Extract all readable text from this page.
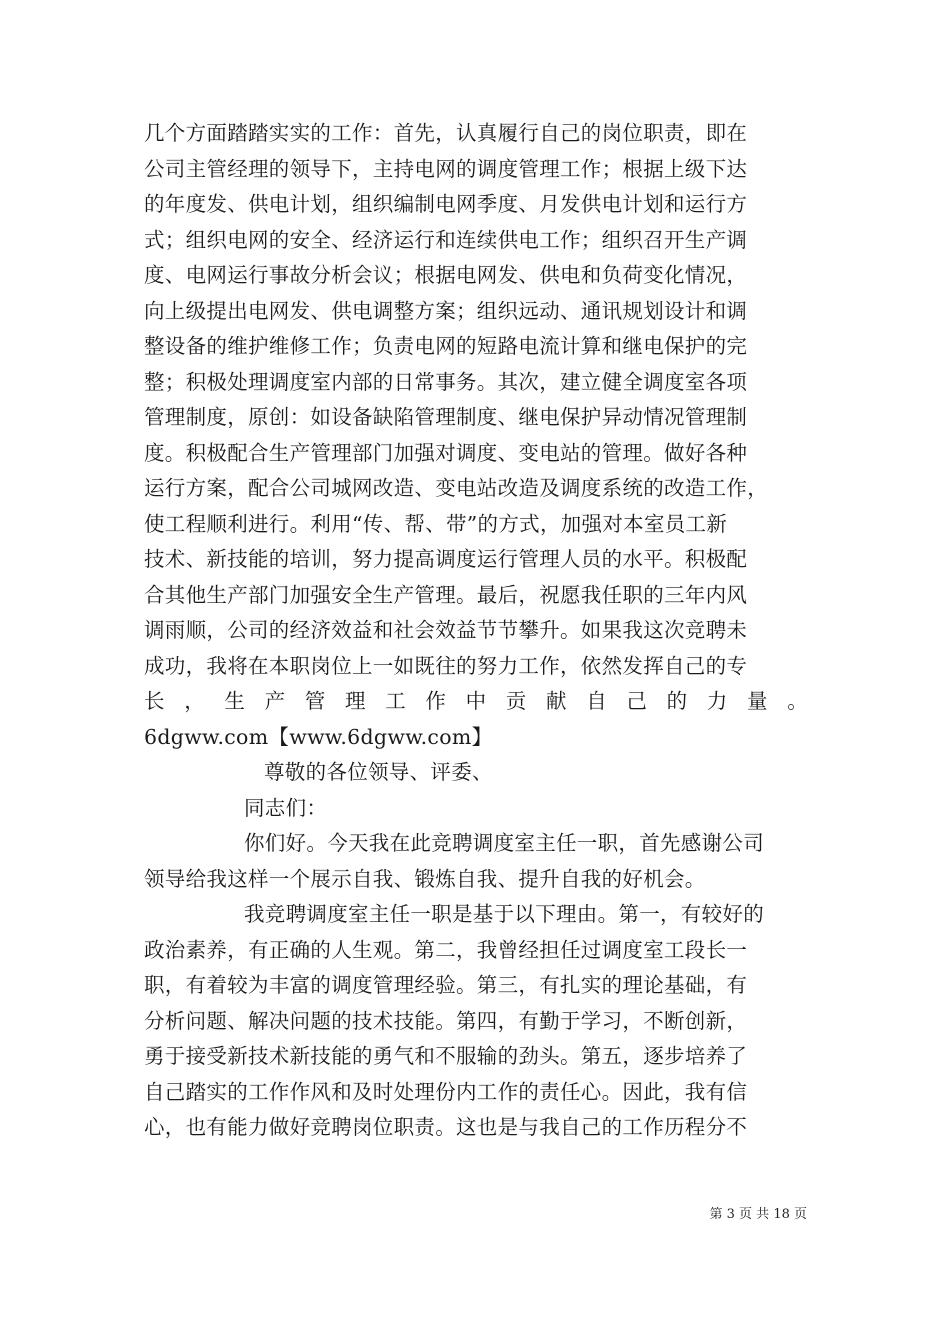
几个方面踏踏实实的工作：首先，认真履行自己的岗位职责，即在
公司主管经理的领导下，主持电网的调度管理工作；根据上级下达
的年度发、供电计划，组织编制电网季度、月发供电计划和运行方
式；组织电网的安全、经济运行和连续供电工作；组织召开生产调
度、电网运行事故分析会议；根据电网发、供电和负荷变化情况，
向上级提出电网发、供电调整方案；组织远动、通讯规划设计和调
整设备的维护维修工作；负责电网的短路电流计算和继电保护的完
整；积极处理调度室内部的日常事务。其次，建立健全调度室各项
管理制度，原创：如设备缺陷管理制度、继电保护异动情况管理制
度。积极配合生产管理部门加强对调度、变电站的管理。做好各种
运行方案，配合公司城网改造、变电站改造及调度系统的改造工作，
使工程顺利进行。利用“传、帮、带”的方式，加强对本室员工新
技术、新技能的培训，努力提高调度运行管理人员的水平。积极配
合其他生产部门加强安全生产管理。最后，祝愿我任职的三年内风
调雨顺，公司的经济效益和社会效益节节攀升。如果我这次竞聘未
成功，我将在本职岗位上一如既往的努力工作，依然发挥自己的专
长 ， 生 产 管 理 工 作 中 贡 献 自 己 的 力 量 。
6dgww.com【www.6dgww.com】
尊敬的各位领导、评委、
同志们：
你们好。今天我在此竞聘调度室主任一职，首先感谢公司
领导给我这样一个展示自我、锻炼自我、提升自我的好机会。
我竞聘调度室主任一职是基于以下理由。第一，有较好的
政治素养，有正确的人生观。第二，我曾经担任过调度室工段长一
职，有着较为丰富的调度管理经验。第三，有扎实的理论基础，有
分析问题、解决问题的技术技能。第四，有勤于学习，不断创新，
勇于接受新技术新技能的勇气和不服输的劲头。第五，逐步培养了
自己踏实的工作作风和及时处理份内工作的责任心。因此，我有信
心，也有能力做好竞聘岗位职责。这也是与我自己的工作历程分不
第 3 页 共 18 页
